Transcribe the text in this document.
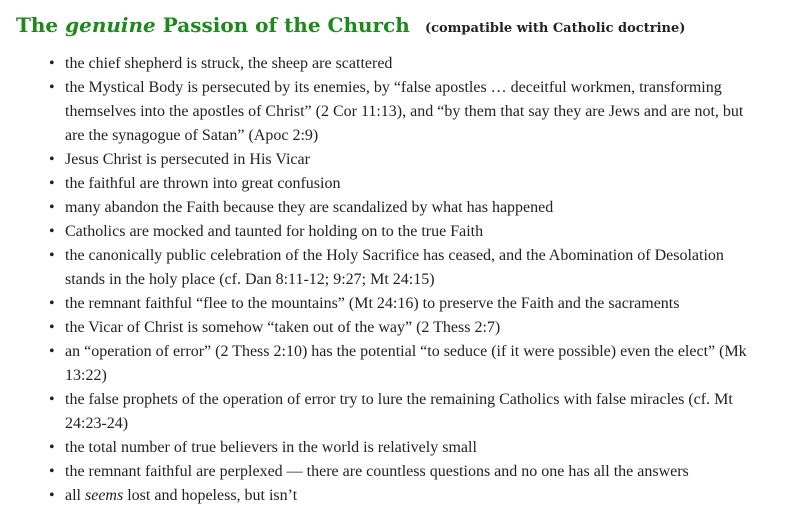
The genuine Passion of the Church (compatible with Catholic doctrine)
• the chief shepherd is struck, the sheep are scattered
• the Mystical Body is persecuted by its enemies, by “false apostles … deceitful workmen, transforming themselves into the apostles of Christ” (2 Cor 11:13), and “by them that say they are Jews and are not, but are the synagogue of Satan” (Apoc 2:9)
• Jesus Christ is persecuted in His Vicar
• the faithful are thrown into great confusion
• many abandon the Faith because they are scandalized by what has happened
• Catholics are mocked and taunted for holding on to the true Faith
• the canonically public celebration of the Holy Sacrifice has ceased, and the Abomination of Desolation stands in the holy place (cf. Dan 8:11-12; 9:27; Mt 24:15)
• the remnant faithful “flee to the mountains” (Mt 24:16) to preserve the Faith and the sacraments
• the Vicar of Christ is somehow “taken out of the way” (2 Thess 2:7)
• an “operation of error” (2 Thess 2:10) has the potential “to seduce (if it were possible) even the elect” (Mk 13:22)
• the false prophets of the operation of error try to lure the remaining Catholics with false miracles (cf. Mt 24:23-24)
• the total number of true believers in the world is relatively small
• the remnant faithful are perplexed — there are countless questions and no one has all the answers
• all seems lost and hopeless, but isn’t
